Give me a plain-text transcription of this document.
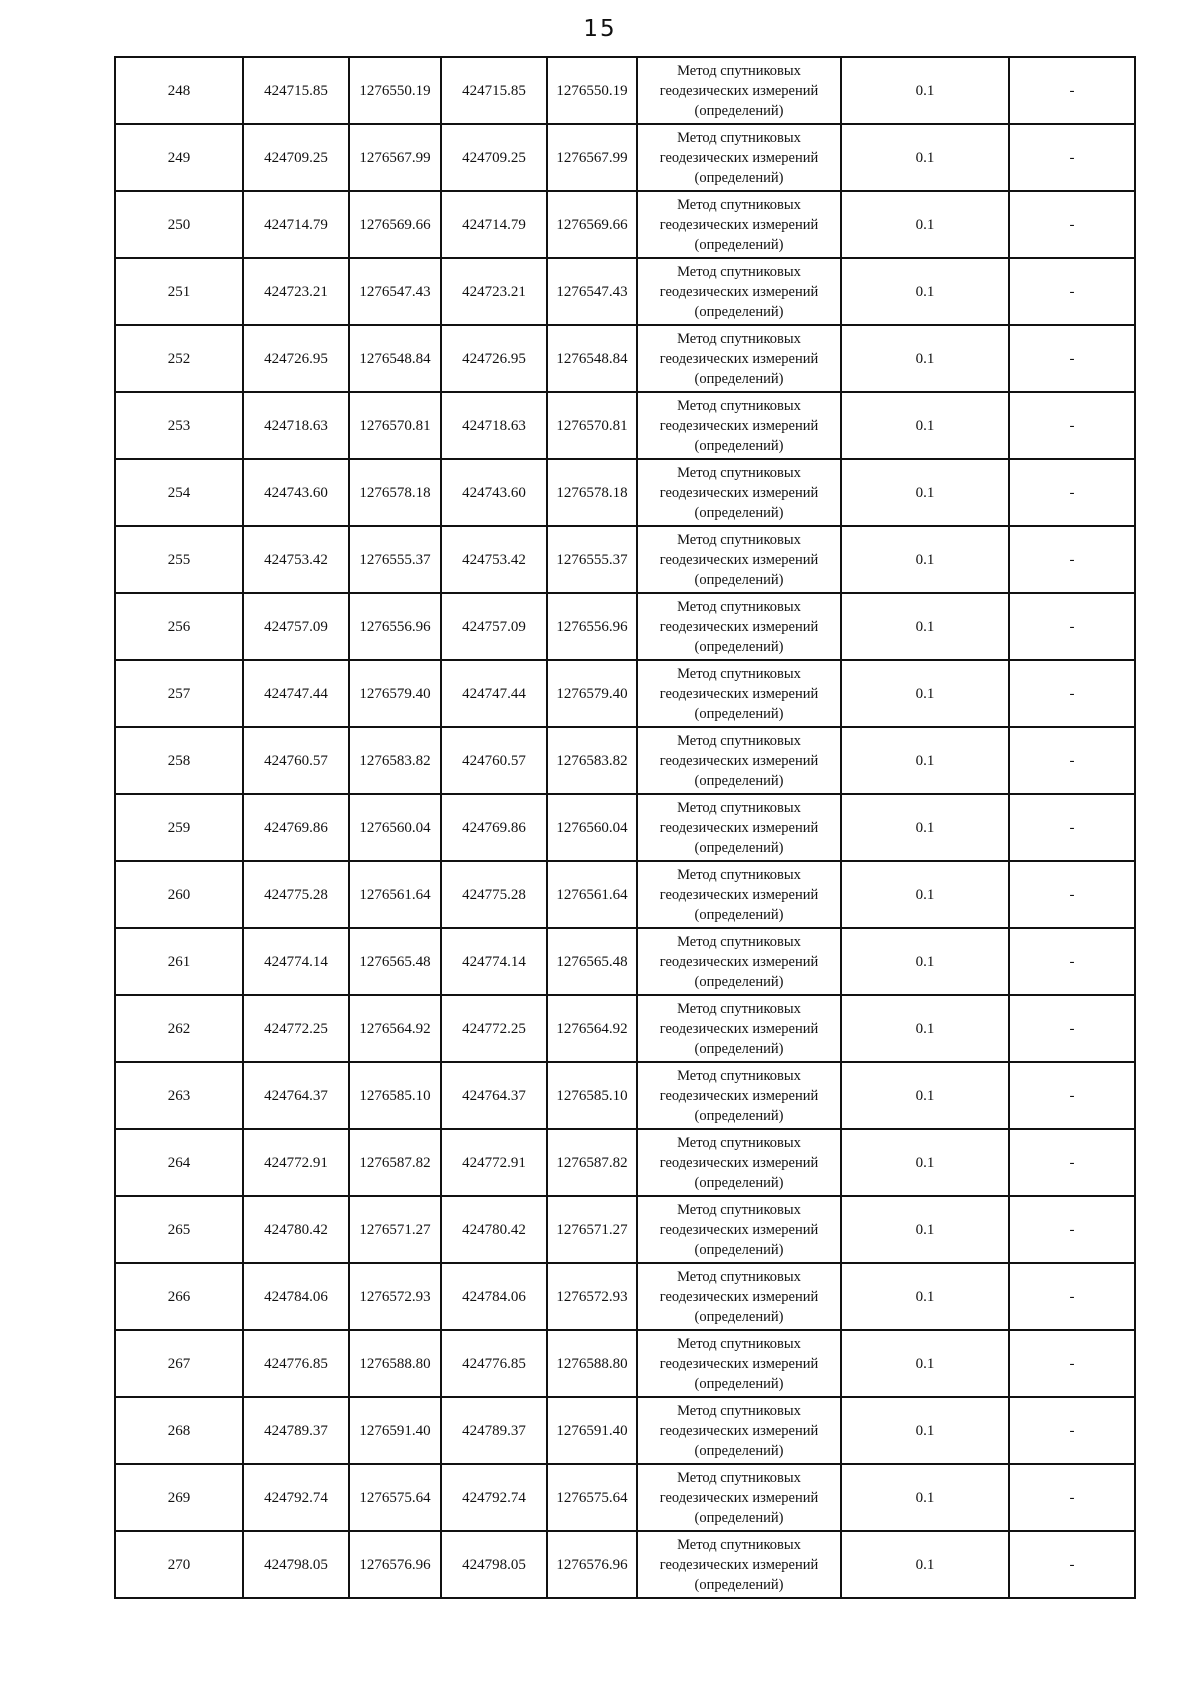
15
248	424715.85	1276550.19	424715.85	1276550.19	Метод спутниковых
геодезических измерений
(определений)	0.1	-
249	424709.25	1276567.99	424709.25	1276567.99	Метод спутниковых
геодезических измерений
(определений)	0.1	-
250	424714.79	1276569.66	424714.79	1276569.66	Метод спутниковых
геодезических измерений
(определений)	0.1	-
251	424723.21	1276547.43	424723.21	1276547.43	Метод спутниковых
геодезических измерений
(определений)	0.1	-
252	424726.95	1276548.84	424726.95	1276548.84	Метод спутниковых
геодезических измерений
(определений)	0.1	-
253	424718.63	1276570.81	424718.63	1276570.81	Метод спутниковых
геодезических измерений
(определений)	0.1	-
254	424743.60	1276578.18	424743.60	1276578.18	Метод спутниковых
геодезических измерений
(определений)	0.1	-
255	424753.42	1276555.37	424753.42	1276555.37	Метод спутниковых
геодезических измерений
(определений)	0.1	-
256	424757.09	1276556.96	424757.09	1276556.96	Метод спутниковых
геодезических измерений
(определений)	0.1	-
257	424747.44	1276579.40	424747.44	1276579.40	Метод спутниковых
геодезических измерений
(определений)	0.1	-
258	424760.57	1276583.82	424760.57	1276583.82	Метод спутниковых
геодезических измерений
(определений)	0.1	-
259	424769.86	1276560.04	424769.86	1276560.04	Метод спутниковых
геодезических измерений
(определений)	0.1	-
260	424775.28	1276561.64	424775.28	1276561.64	Метод спутниковых
геодезических измерений
(определений)	0.1	-
261	424774.14	1276565.48	424774.14	1276565.48	Метод спутниковых
геодезических измерений
(определений)	0.1	-
262	424772.25	1276564.92	424772.25	1276564.92	Метод спутниковых
геодезических измерений
(определений)	0.1	-
263	424764.37	1276585.10	424764.37	1276585.10	Метод спутниковых
геодезических измерений
(определений)	0.1	-
264	424772.91	1276587.82	424772.91	1276587.82	Метод спутниковых
геодезических измерений
(определений)	0.1	-
265	424780.42	1276571.27	424780.42	1276571.27	Метод спутниковых
геодезических измерений
(определений)	0.1	-
266	424784.06	1276572.93	424784.06	1276572.93	Метод спутниковых
геодезических измерений
(определений)	0.1	-
267	424776.85	1276588.80	424776.85	1276588.80	Метод спутниковых
геодезических измерений
(определений)	0.1	-
268	424789.37	1276591.40	424789.37	1276591.40	Метод спутниковых
геодезических измерений
(определений)	0.1	-
269	424792.74	1276575.64	424792.74	1276575.64	Метод спутниковых
геодезических измерений
(определений)	0.1	-
270	424798.05	1276576.96	424798.05	1276576.96	Метод спутниковых
геодезических измерений
(определений)	0.1	-
